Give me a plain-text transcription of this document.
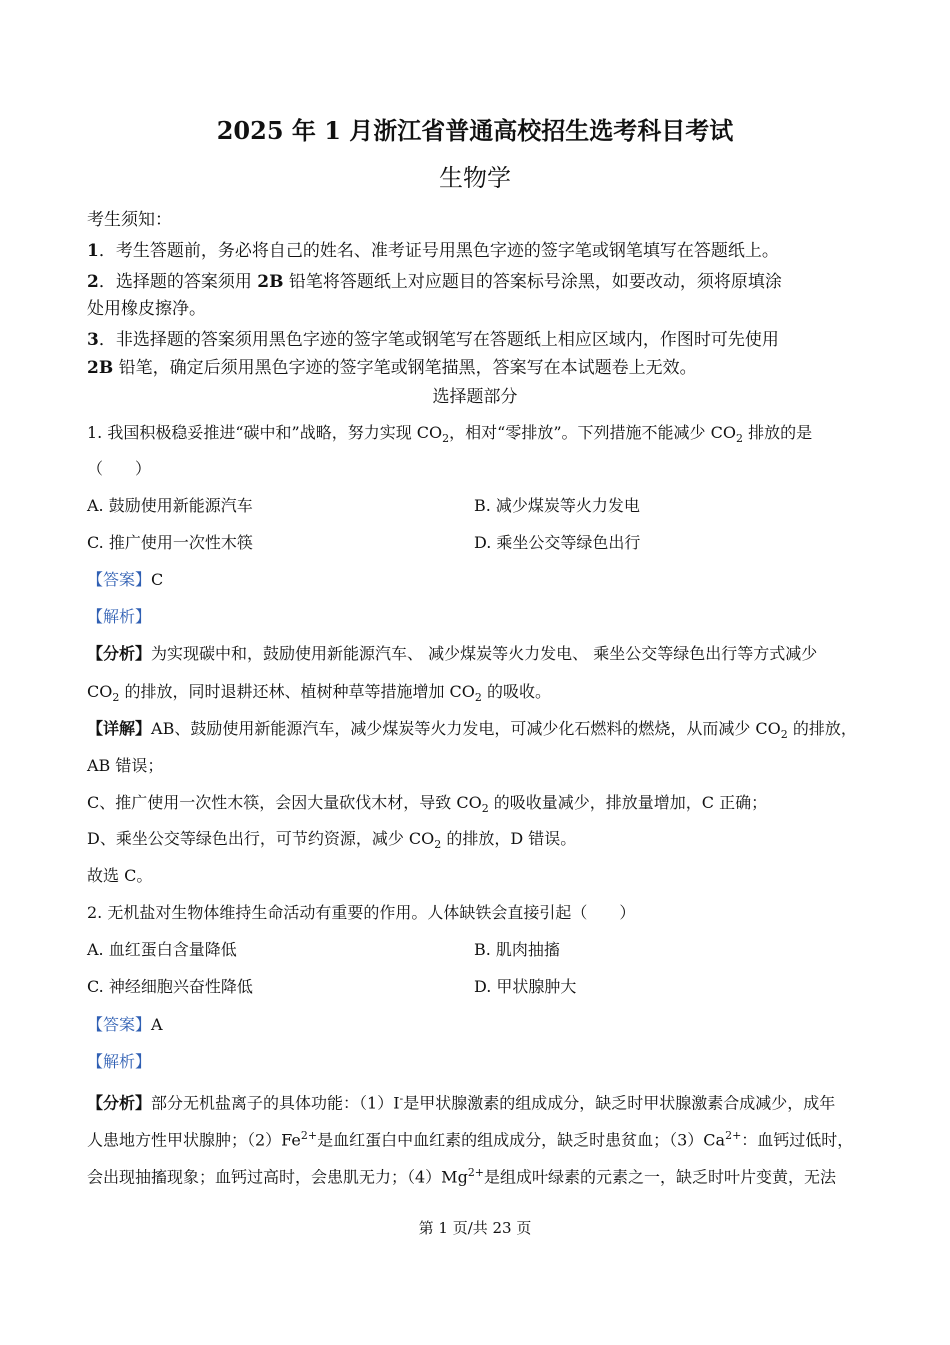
2025 年 1 月浙江省普通高校招生选考科目考试
生物学
考生须知：
1．考生答题前，务必将自己的姓名、准考证号用黑色字迹的签字笔或钢笔填写在答题纸上。
2．选择题的答案须用 2B 铅笔将答题纸上对应题目的答案标号涂黑，如要改动，须将原填涂
处用橡皮擦净。
3．非选择题的答案须用黑色字迹的签字笔或钢笔写在答题纸上相应区域内，作图时可先使用
2B 铅笔，确定后须用黑色字迹的签字笔或钢笔描黑，答案写在本试题卷上无效。
选择题部分
1. 我国积极稳妥推进“碳中和”战略，努力实现 $CO_2$，相对“零排放”。下列措施不能减少 $CO_2$ 排放的是
（　　）
A. 鼓励使用新能源汽车	B. 减少煤炭等火力发电
C. 推广使用一次性木筷	D. 乘坐公交等绿色出行
【答案】C
【解析】
【分析】为实现碳中和，鼓励使用新能源汽车、 减少煤炭等火力发电、 乘坐公交等绿色出行等方式减少
$CO_2$ 的排放，同时退耕还林、植树种草等措施增加 $CO_2$ 的吸收。
【详解】AB、鼓励使用新能源汽车，减少煤炭等火力发电，可减少化石燃料的燃烧，从而减少 $CO_2$ 的排放，
AB 错误；
C、推广使用一次性木筷，会因大量砍伐木材，导致 $CO_2$ 的吸收量减少，排放量增加，C 正确；
D、乘坐公交等绿色出行，可节约资源，减少 $CO_2$ 的排放，D 错误。
故选 C。
2. 无机盐对生物体维持生命活动有重要的作用。人体缺铁会直接引起（　　）
A. 血红蛋白含量降低	B. 肌肉抽搐
C. 神经细胞兴奋性降低	D. 甲状腺肿大
【答案】A
【解析】
【分析】部分无机盐离子的具体功能：（1）I-是甲状腺激素的组成成分，缺乏时甲状腺激素合成减少，成年
人患地方性甲状腺肿；$(2)Fe^{2+}$是血红蛋白中血红素的组成成分，缺乏时患贫血；$(3)Ca^{2+}$：血钙过低时，
会出现抽搐现象；血钙过高时，会患肌无力；$(4)Mg^{2+}$是组成叶绿素的元素之一，缺乏时叶片变黄，无法
第 1 页/共 23 页
